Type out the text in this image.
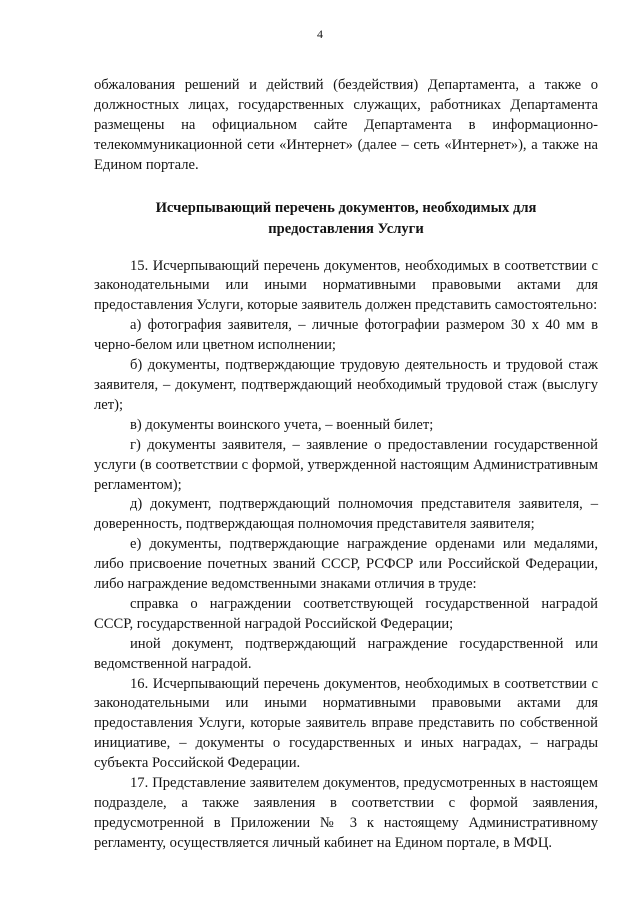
4

обжалования решений и действий (бездействия) Департамента, а также о должностных лицах, государственных служащих, работниках Департамента размещены на официальном сайте Департамента в информационно-телекоммуникационной сети «Интернет» (далее – сеть «Интернет»), а также на Едином портале.

Исчерпывающий перечень документов, необходимых для

предоставления Услуги

15. Исчерпывающий перечень документов, необходимых в соответствии с законодательными или иными нормативными правовыми актами для предоставления Услуги, которые заявитель должен представить самостоятельно:

а) фотография заявителя, – личные фотографии размером 30 х 40 мм в черно-белом или цветном исполнении;

б) документы, подтверждающие трудовую деятельность и трудовой стаж заявителя, – документ, подтверждающий необходимый трудовой стаж (выслугу лет);

в) документы воинского учета, – военный билет;

г) документы заявителя, – заявление о предоставлении государственной услуги (в соответствии с формой, утвержденной настоящим Административным регламентом);

д) документ, подтверждающий полномочия представителя заявителя, – доверенность, подтверждающая полномочия представителя заявителя;

е) документы, подтверждающие награждение орденами или медалями, либо присвоение почетных званий СССР, РСФСР или Российской Федерации, либо награждение ведомственными знаками отличия в труде:

справка о награждении соответствующей государственной наградой СССР, государственной наградой Российской Федерации;

иной документ, подтверждающий награждение государственной или ведомственной наградой.

16. Исчерпывающий перечень документов, необходимых в соответствии с законодательными или иными нормативными правовыми актами для предоставления Услуги, которые заявитель вправе представить по собственной инициативе, – документы о государственных и иных наградах, – награды субъекта Российской Федерации.

17. Представление заявителем документов, предусмотренных в настоящем подразделе, а также заявления в соответствии с формой заявления, предусмотренной в Приложении № 3 к настоящему Административному регламенту, осуществляется личный кабинет на Едином портале, в МФЦ.
